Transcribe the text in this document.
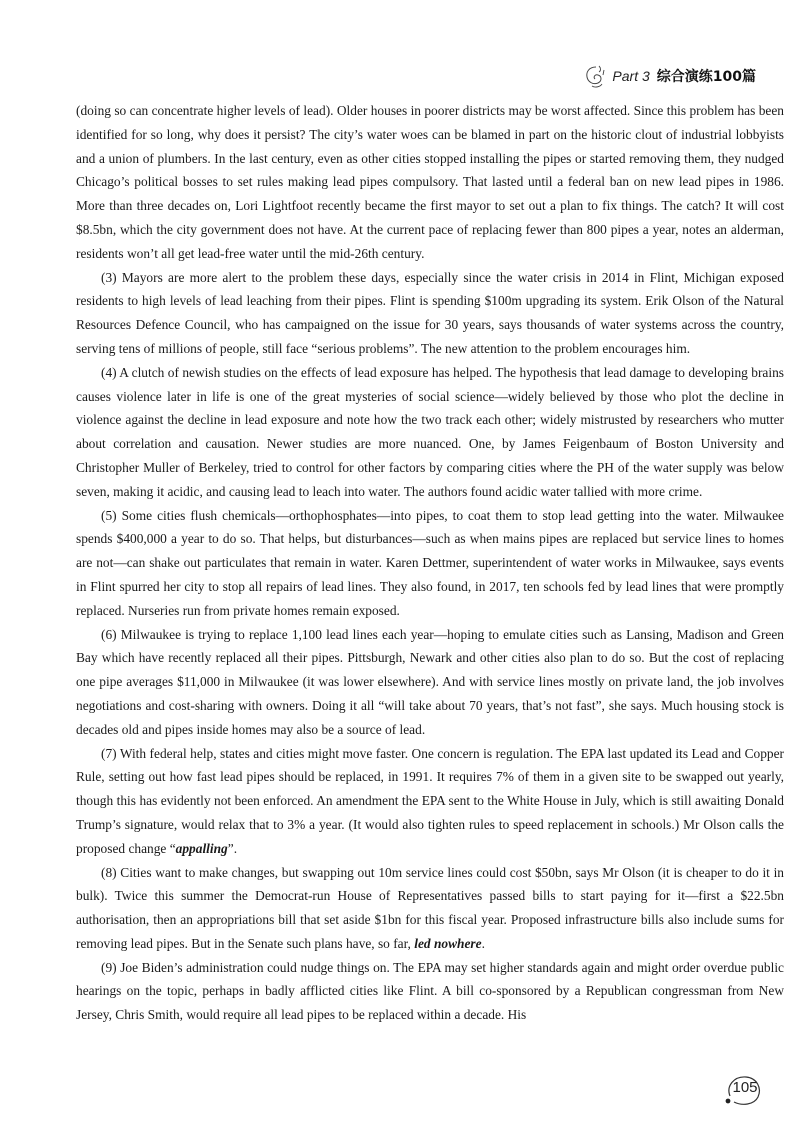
Part 3 综合演练100篇

(doing so can concentrate higher levels of lead). Older houses in poorer districts may be worst affected. Since this problem has been identified for so long, why does it persist? The city’s water woes can be blamed in part on the historic clout of industrial lobbyists and a union of plumbers. In the last century, even as other cities stopped installing the pipes or started removing them, they nudged Chicago’s political bosses to set rules making lead pipes compulsory. That lasted until a federal ban on new lead pipes in 1986. More than three decades on, Lori Lightfoot recently became the first mayor to set out a plan to fix things. The catch? It will cost $8.5bn, which the city government does not have. At the current pace of replacing fewer than 800 pipes a year, notes an alderman, residents won’t all get lead-free water until the mid-26th century.

(3) Mayors are more alert to the problem these days, especially since the water crisis in 2014 in Flint, Michigan exposed residents to high levels of lead leaching from their pipes. Flint is spending $100m upgrading its system. Erik Olson of the Natural Resources Defence Council, who has campaigned on the issue for 30 years, says thousands of water systems across the country, serving tens of millions of people, still face “serious problems”. The new attention to the problem encourages him.

(4) A clutch of newish studies on the effects of lead exposure has helped. The hypothesis that lead damage to developing brains causes violence later in life is one of the great mysteries of social science—widely believed by those who plot the decline in violence against the decline in lead exposure and note how the two track each other; widely mistrusted by researchers who mutter about correlation and causation. Newer studies are more nuanced. One, by James Feigenbaum of Boston University and Christopher Muller of Berkeley, tried to control for other factors by comparing cities where the PH of the water supply was below seven, making it acidic, and causing lead to leach into water. The authors found acidic water tallied with more crime.

(5) Some cities flush chemicals—orthophosphates—into pipes, to coat them to stop lead getting into the water. Milwaukee spends $400,000 a year to do so. That helps, but disturbances—such as when mains pipes are replaced but service lines to homes are not—can shake out particulates that remain in water. Karen Dettmer, superintendent of water works in Milwaukee, says events in Flint spurred her city to stop all repairs of lead lines. They also found, in 2017, ten schools fed by lead lines that were promptly replaced. Nurseries run from private homes remain exposed.

(6) Milwaukee is trying to replace 1,100 lead lines each year—hoping to emulate cities such as Lansing, Madison and Green Bay which have recently replaced all their pipes. Pittsburgh, Newark and other cities also plan to do so. But the cost of replacing one pipe averages $11,000 in Milwaukee (it was lower elsewhere). And with service lines mostly on private land, the job involves negotiations and cost-sharing with owners. Doing it all “will take about 70 years, that’s not fast”, she says. Much housing stock is decades old and pipes inside homes may also be a source of lead.

(7) With federal help, states and cities might move faster. One concern is regulation. The EPA last updated its Lead and Copper Rule, setting out how fast lead pipes should be replaced, in 1991. It requires 7% of them in a given site to be swapped out yearly, though this has evidently not been enforced. An amendment the EPA sent to the White House in July, which is still awaiting Donald Trump’s signature, would relax that to 3% a year. (It would also tighten rules to speed replacement in schools.) Mr Olson calls the proposed change “appalling”.

(8) Cities want to make changes, but swapping out 10m service lines could cost $50bn, says Mr Olson (it is cheaper to do it in bulk). Twice this summer the Democrat-run House of Representatives passed bills to start paying for it—first a $22.5bn authorisation, then an appropriations bill that set aside $1bn for this fiscal year. Proposed infrastructure bills also include sums for removing lead pipes. But in the Senate such plans have, so far, led nowhere.

(9) Joe Biden’s administration could nudge things on. The EPA may set higher standards again and might order overdue public hearings on the topic, perhaps in badly afflicted cities like Flint. A bill co-sponsored by a Republican congressman from New Jersey, Chris Smith, would require all lead pipes to be replaced within a decade. His

105
